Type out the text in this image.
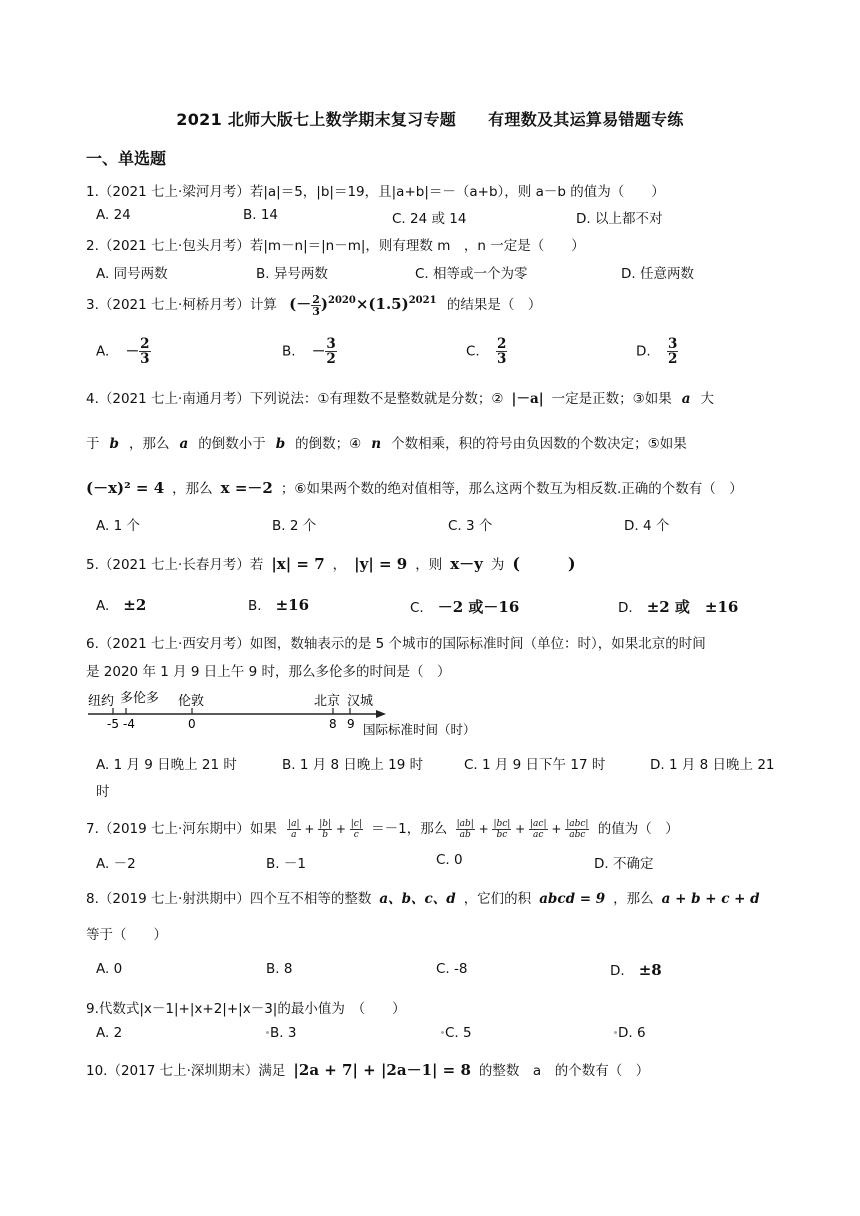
2021 北师大版七上数学期末复习专题 有理数及其运算易错题专练
一、单选题
1.（2021 七上·梁河月考）若|a|＝5，|b|＝19，且|a+b|＝－（a+b），则 a－b 的值为（　　）
A. 24	B. 14	C. 24 或 14	D. 以上都不对
2.（2021 七上·包头月考）若|m－n|＝|n－m|，则有理数 m　，n 一定是（　　）
A. 同号两数	B. 异号两数	C. 相等或一个为零	D. 任意两数
3.（2021 七上·柯桥月考）计算 (－ $\frac{2}{3} )^{2020}\times(1.5)^{2021}$ 的结果是（　）
A. － $\frac{2}{3}$	B. － $\frac{3}{2}$	C. $\frac{2}{3}$	D. $\frac{3}{2}$
4.（2021 七上·南通月考）下列说法：①有理数不是整数就是分数；② |－a| 一定是正数；③如果 a 大
于 b ，那么 a 的倒数小于 b 的倒数；④ n 个数相乘，积的符号由负因数的个数决定；⑤如果
(－x)² = 4 ，那么 x =－2 ；⑥如果两个数的绝对值相等，那么这两个数互为相反数.正确的个数有（　）
A. 1 个	B. 2 个	C. 3 个	D. 4 个
5.（2021 七上·长春月考）若 |x| = 7 ， |y| = 9 ，则 x－y 为 (　　　)
A. ±2	B. ±16	C. －2 或－16	D. ±2 或　±16
6.（2021 七上·西安月考）如图，数轴表示的是 5 个城市的国际标准时间（单位：时），如果北京的时间
是 2020 年 1 月 9 日上午 9 时，那么多伦多的时间是（　）
纽约 多伦多 伦敦	北京 汉城
-5 -4	0	8 9 国际标准时间（时）
A. 1 月 9 日晚上 21 时	B. 1 月 8 日晚上 19 时	C. 1 月 9 日下午 17 时	D. 1 月 8 日晚上 21
时
7.（2019 七上·河东期中）如果 $\frac{|a|}{a} + \frac{|b|}{b} + \frac{|c|}{c} =-1$，那么 $\frac{|ab|}{ab} + \frac{|bc|}{bc} + \frac{|ac|}{ac} + |abc|$
abc 的值为（　）
A. －2	B. －1	C. 0	D. 不确定
8.（2019 七上·射洪期中）四个互不相等的整数 a、b、c、d ，它们的积 abcd = 9 ，那么 a + b + c + d
等于（　　）
A. 0	B. 8	C. -8	D. ±8
9.代数式|x－1|+|x+2|+|x－3|的最小值为　（　　）
A. 2	B. 3	C. 5	D. 6
10.（2017 七上·深圳期末）满足 |2a + 7| + |2a－1| = 8 的整数　a　的个数有（　）
